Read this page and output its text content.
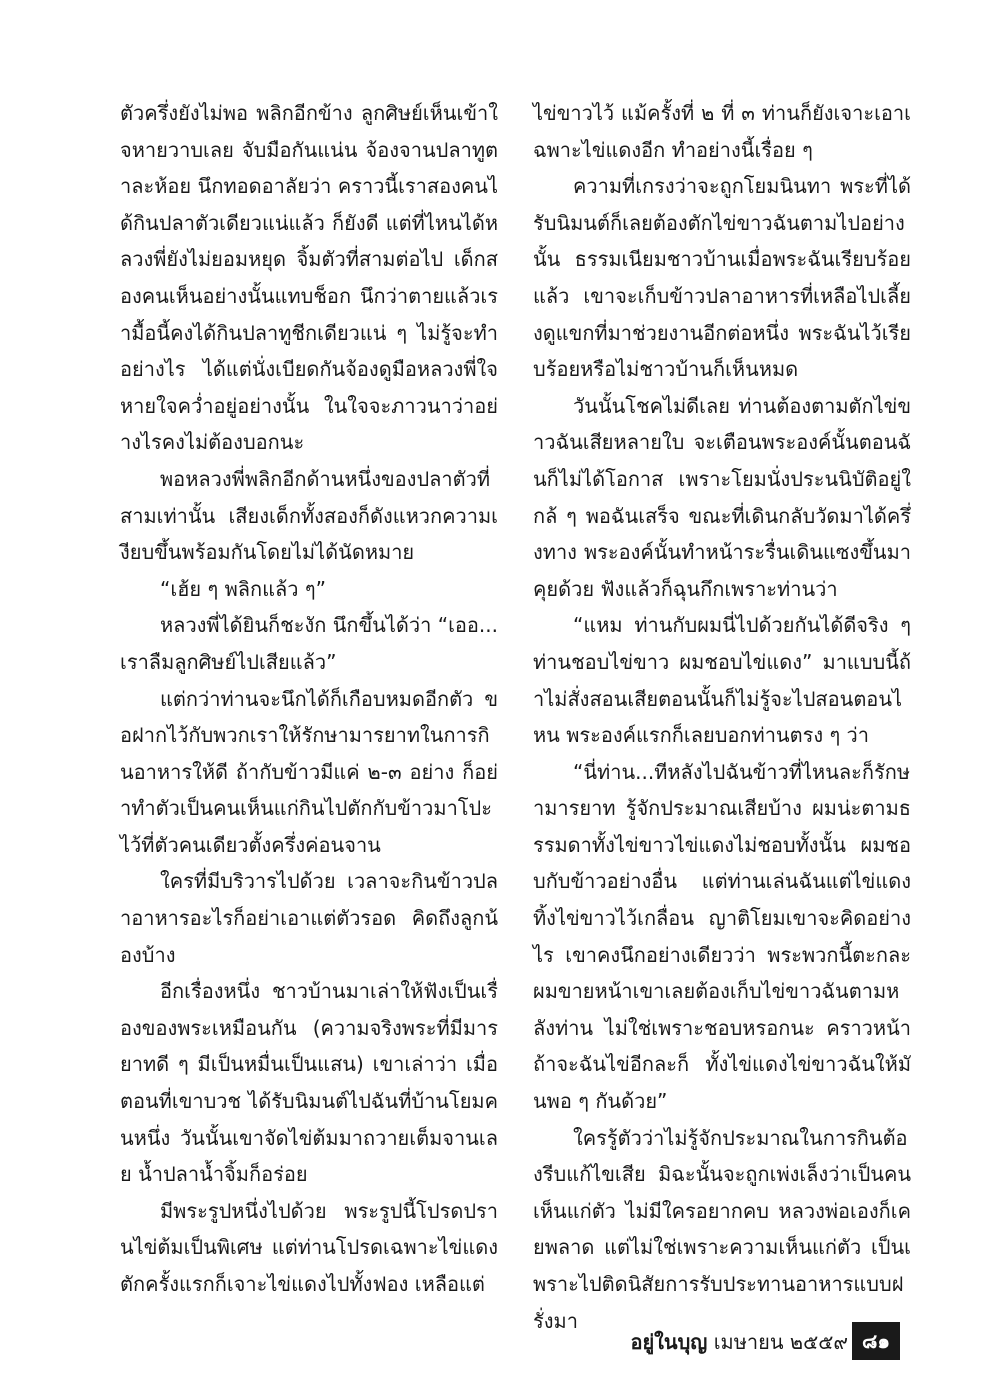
ตัวครึ่งยังไม่พอ พลิกอีกข้าง ลูกศิษย์เห็นเข้าใจหายวาบเลย จับมือกันแน่น จ้องจานปลาทูตาละห้อย นึกทอดอาลัยว่า คราวนี้เราสองคนได้กินปลาตัวเดียวแน่แล้ว ก็ยังดี แต่ที่ไหนได้หลวงพี่ยังไม่ยอมหยุด จิ้มตัวที่สามต่อไป เด็กสองคนเห็นอย่างนั้นแทบช็อก นึกว่าตายแล้วเรามื้อนี้คงได้กินปลาทูชีกเดียวแน่ ๆ ไม่รู้จะทำอย่างไร ได้แต่นั่งเบียดกันจ้องดูมือหลวงพี่ใจหายใจคว่ำอยู่อย่างนั้น ในใจจะภาวนาว่าอย่างไรคงไม่ต้องบอกนะ

พอหลวงพี่พลิกอีกด้านหนึ่งของปลาตัวที่สามเท่านั้น เสียงเด็กทั้งสองก็ดังแหวกความเงียบขึ้นพร้อมกันโดยไม่ได้นัดหมาย

“เฮ้ย ๆ พลิกแล้ว ๆ”

หลวงพี่ได้ยินก็ชะงัก นึกขึ้นได้ว่า “เออ... เราลืมลูกศิษย์ไปเสียแล้ว”

แต่กว่าท่านจะนึกได้ก็เกือบหมดอีกตัว ขอฝากไว้กับพวกเราให้รักษามารยาทในการกินอาหารให้ดี ถ้ากับข้าวมีแค่ ๒-๓ อย่าง ก็อย่าทำตัวเป็นคนเห็นแก่กินไปตักกับข้าวมาโปะไว้ที่ตัวคนเดียวตั้งครึ่งค่อนจาน

ใครที่มีบริวารไปด้วย เวลาจะกินข้าวปลาอาหารอะไรก็อย่าเอาแต่ตัวรอด คิดถึงลูกน้องบ้าง

อีกเรื่องหนึ่ง ชาวบ้านมาเล่าให้ฟังเป็นเรื่องของพระเหมือนกัน (ความจริงพระที่มีมารยาทดี ๆ มีเป็นหมื่นเป็นแสน) เขาเล่าว่า เมื่อตอนที่เขาบวช ได้รับนิมนต์ไปฉันที่บ้านโยมคนหนึ่ง วันนั้นเขาจัดไข่ต้มมาถวายเต็มจานเลย น้ำปลาน้ำจิ้มก็อร่อย

มีพระรูปหนึ่งไปด้วย พระรูปนี้โปรดปรานไข่ต้มเป็นพิเศษ แต่ท่านโปรดเฉพาะไข่แดง ตักครั้งแรกก็เจาะไข่แดงไปทั้งฟอง เหลือแต่

ไข่ขาวไว้ แม้ครั้งที่ ๒ ที่ ๓ ท่านก็ยังเจาะเอาเฉพาะไข่แดงอีก ทำอย่างนี้เรื่อย ๆ

ความที่เกรงว่าจะถูกโยมนินทา พระที่ได้รับนิมนต์ก็เลยต้องตักไข่ขาวฉันตามไปอย่างนั้น ธรรมเนียมชาวบ้านเมื่อพระฉันเรียบร้อยแล้ว เขาจะเก็บข้าวปลาอาหารที่เหลือไปเลี้ยงดูแขกที่มาช่วยงานอีกต่อหนึ่ง พระฉันไว้เรียบร้อยหรือไม่ชาวบ้านก็เห็นหมด

วันนั้นโชคไม่ดีเลย ท่านต้องตามตักไข่ขาวฉันเสียหลายใบ จะเตือนพระองค์นั้นตอนฉันก็ไม่ได้โอกาส เพราะโยมนั่งประนนิบัติอยู่ใกล้ ๆ พอฉันเสร็จ ขณะที่เดินกลับวัดมาได้ครึ่งทาง พระองค์นั้นทำหน้าระรื่นเดินแซงขึ้นมาคุยด้วย ฟังแล้วก็ฉุนกึกเพราะท่านว่า

“แหม ท่านกับผมนี่ไปด้วยกันได้ดีจริง ๆ ท่านชอบไข่ขาว ผมชอบไข่แดง” มาแบบนี้ถ้าไม่สั่งสอนเสียตอนนั้นก็ไม่รู้จะไปสอนตอนไหน พระองค์แรกก็เลยบอกท่านตรง ๆ ว่า

“นี่ท่าน...ทีหลังไปฉันข้าวที่ไหนละก็รักษามารยาท รู้จักประมาณเสียบ้าง ผมน่ะตามธรรมดาทั้งไข่ขาวไข่แดงไม่ชอบทั้งนั้น ผมชอบกับข้าวอย่างอื่น แต่ท่านเล่นฉันแต่ไข่แดง ทิ้งไข่ขาวไว้เกลื่อน ญาติโยมเขาจะคิดอย่างไร เขาคงนึกอย่างเดียวว่า พระพวกนี้ตะกละ ผมขายหน้าเขาเลยต้องเก็บไข่ขาวฉันตามหลังท่าน ไม่ใช่เพราะชอบหรอกนะ คราวหน้าถ้าจะฉันไข่อีกละก็ ทั้งไข่แดงไข่ขาวฉันให้มันพอ ๆ กันด้วย”

ใครรู้ตัวว่าไม่รู้จักประมาณในการกินต้องรีบแก้ไขเสีย มิฉะนั้นจะถูกเพ่งเล็งว่าเป็นคนเห็นแก่ตัว ไม่มีใครอยากคบ หลวงพ่อเองก็เคยพลาด แต่ไม่ใช่เพราะความเห็นแก่ตัว เป็นเพราะไปติดนิสัยการรับประทานอาหารแบบฝรั่งมา

อยู่ในบุญ เมษายน ๒๕๕๙ ๘๑
